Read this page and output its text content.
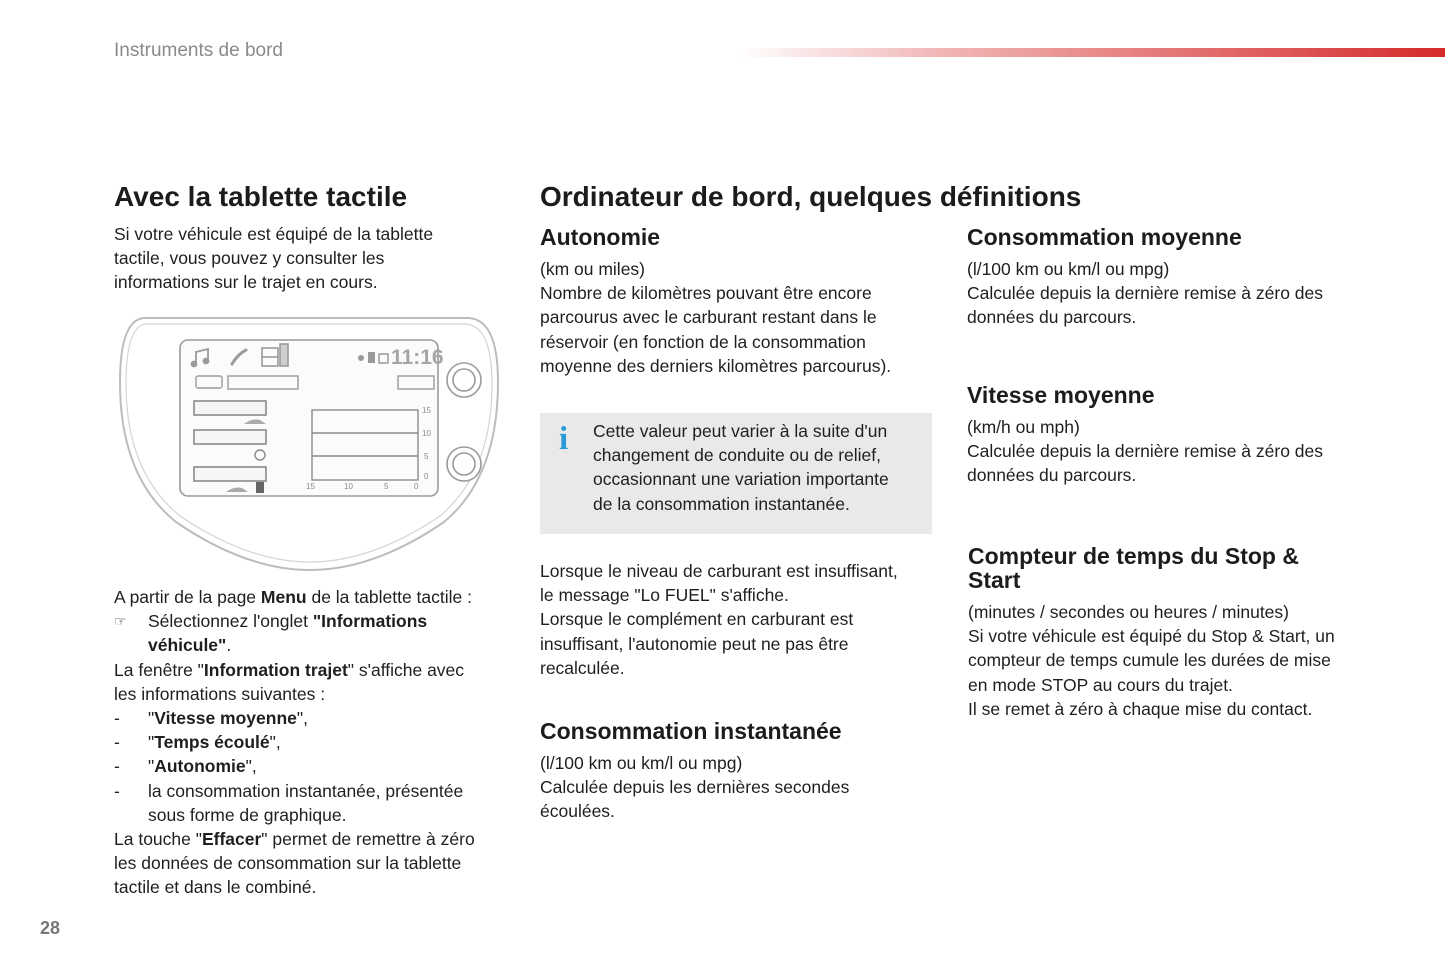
Instruments de bord
28
Avec la tablette tactile
Si votre véhicule est équipé de la tablette
tactile, vous pouvez y consulter les
informations sur le trajet en cours.
11:16
15
10
5
0
15	10	5	0
A partir de la page Menu de la tablette tactile :
☞	Sélectionnez l'onglet "Informations
véhicule".
La fenêtre "Information trajet" s'affiche avec
les informations suivantes :
-	"Vitesse moyenne",
-	"Temps écoulé",
-	"Autonomie",
-	la consommation instantanée, présentée
sous forme de graphique.
La touche "Effacer" permet de remettre à zéro
les données de consommation sur la tablette
tactile et dans le combiné.
Ordinateur de bord, quelques définitions
Autonomie
(km ou miles)
Nombre de kilomètres pouvant être encore
parcourus avec le carburant restant dans le
réservoir (en fonction de la consommation
moyenne des derniers kilomètres parcourus).
i Cette valeur peut varier à la suite d'un
changement de conduite ou de relief,
occasionnant une variation importante
de la consommation instantanée.
Lorsque le niveau de carburant est insuffisant,
le message "Lo FUEL" s'affiche.
Lorsque le complément en carburant est
insuffisant, l'autonomie peut ne pas être
recalculée.
Consommation instantanée
(l/100 km ou km/l ou mpg)
Calculée depuis les dernières secondes
écoulées.
Consommation moyenne
(l/100 km ou km/l ou mpg)
Calculée depuis la dernière remise à zéro des
données du parcours.
Vitesse moyenne
(km/h ou mph)
Calculée depuis la dernière remise à zéro des
données du parcours.
Compteur de temps du Stop &
Start
(minutes / secondes ou heures / minutes)
Si votre véhicule est équipé du Stop & Start, un
compteur de temps cumule les durées de mise
en mode STOP au cours du trajet.
Il se remet à zéro à chaque mise du contact.
